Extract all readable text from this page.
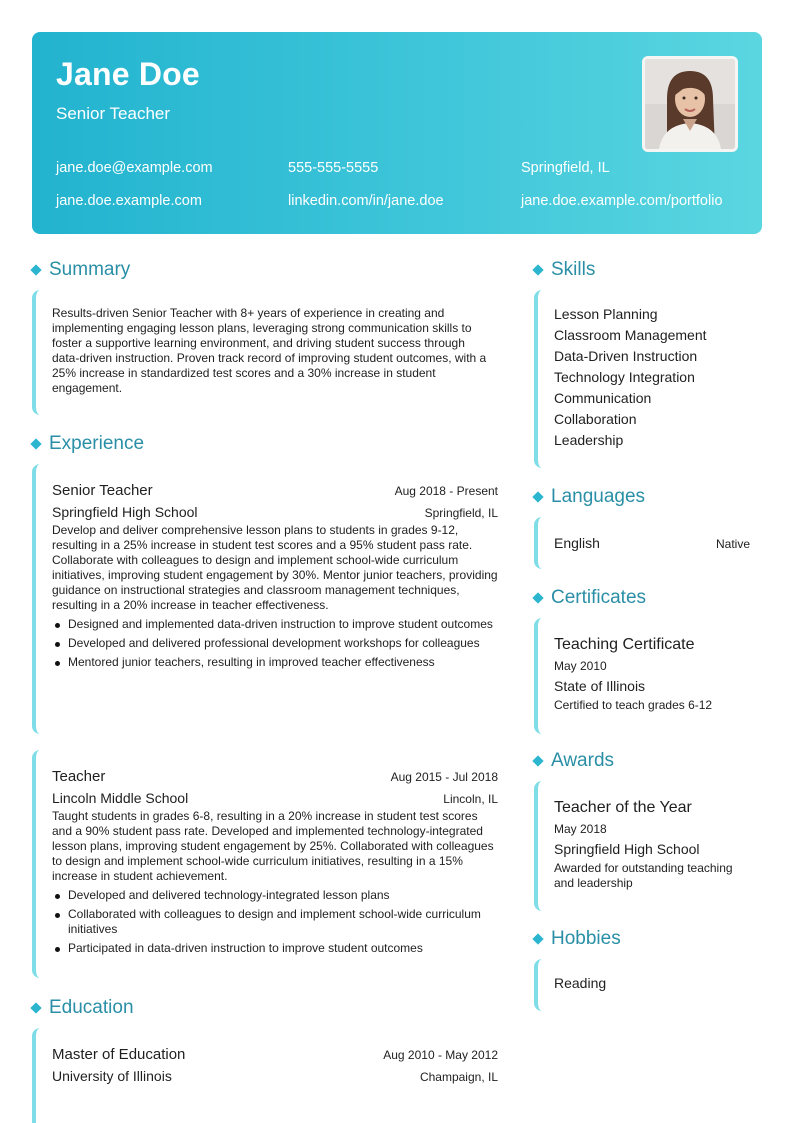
Jane Doe
Senior Teacher
jane.doe@example.com	555-555-5555	Springfield, IL
jane.doe.example.com	linkedin.com/in/jane.doe	jane.doe.example.com/portfolio
Summary
Results-driven Senior Teacher with 8+ years of experience in creating and implementing engaging lesson plans, leveraging strong communication skills to foster a supportive learning environment, and driving student success through data-driven instruction. Proven track record of improving student outcomes, with a 25% increase in standardized test scores and a 30% increase in student engagement.
Experience
Senior Teacher	Aug 2018 - Present
Springfield High School	Springfield, IL
Develop and deliver comprehensive lesson plans to students in grades 9-12, resulting in a 25% increase in student test scores and a 95% student pass rate. Collaborate with colleagues to design and implement school-wide curriculum initiatives, improving student engagement by 30%. Mentor junior teachers, providing guidance on instructional strategies and classroom management techniques, resulting in a 20% increase in teacher effectiveness.
Designed and implemented data-driven instruction to improve student outcomes
Developed and delivered professional development workshops for colleagues
Mentored junior teachers, resulting in improved teacher effectiveness
Teacher	Aug 2015 - Jul 2018
Lincoln Middle School	Lincoln, IL
Taught students in grades 6-8, resulting in a 20% increase in student test scores and a 90% student pass rate. Developed and implemented technology-integrated lesson plans, improving student engagement by 25%. Collaborated with colleagues to design and implement school-wide curriculum initiatives, resulting in a 15% increase in student achievement.
Developed and delivered technology-integrated lesson plans
Collaborated with colleagues to design and implement school-wide curriculum initiatives
Participated in data-driven instruction to improve student outcomes
Education
Master of Education	Aug 2010 - May 2012
University of Illinois	Champaign, IL
Skills
Lesson Planning
Classroom Management
Data-Driven Instruction
Technology Integration
Communication
Collaboration
Leadership
Languages
English	Native
Certificates
Teaching Certificate
May 2010
State of Illinois
Certified to teach grades 6-12
Awards
Teacher of the Year
May 2018
Springfield High School
Awarded for outstanding teaching and leadership
Hobbies
Reading
